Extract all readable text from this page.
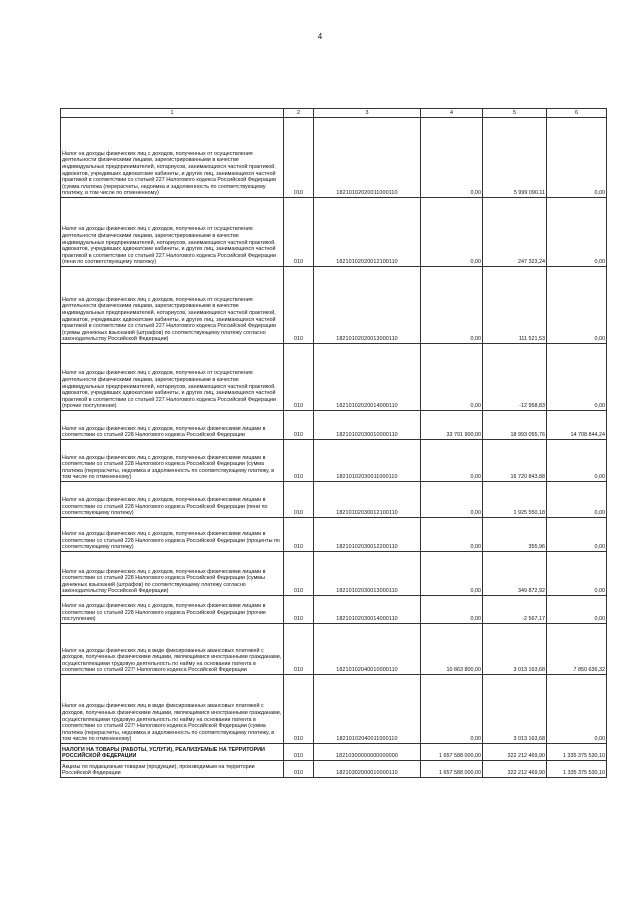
4
1	2	3	4	5	6
Налог на доходы физических лиц с доходов, полученных от осуществления деятельности физическими лицами, зарегистрированными в качестве индивидуальных предпринимателей, нотариусов, занимающихся частной практикой, адвокатов, учредивших адвокатские кабинеты, и других лиц, занимающихся частной практикой в соответствии со статьей 227 Налогового кодекса Российской Федерации (сумма платежа (перерасчеты, недоимка и задолженность по соответствующему платежу, в том числе по отмененному)	010	18210102020011000110	0,00	5 999 090,11	0,00
Налог на доходы физических лиц с доходов, полученных от осуществления деятельности физическими лицами, зарегистрированными в качестве индивидуальных предпринимателей, нотариусов, занимающихся частной практикой, адвокатов, учредивших адвокатские кабинеты, и других лиц, занимающихся частной практикой в соответствии со статьей 227 Налогового кодекса Российской Федерации (пени по соответствующему платежу)	010	18210102020012100110	0,00	247 323,24	0,00
Налог на доходы физических лиц с доходов, полученных от осуществления деятельности физическими лицами, зарегистрированными в качестве индивидуальных предпринимателей, нотариусов, занимающихся частной практикой, адвокатов, учредивших адвокатские кабинеты, и других лиц, занимающихся частной практикой в соответствии со статьей 227 Налогового кодекса Российской Федерации (суммы денежных взысканий (штрафов) по соответствующему платежу согласно законодательству Российской Федерации)	010	18210102020013000110	0,00	111 521,53	0,00
Налог на доходы физических лиц с доходов, полученных от осуществления деятельности физическими лицами, зарегистрированными в качестве индивидуальных предпринимателей, нотариусов, занимающихся частной практикой, адвокатов, учредивших адвокатские кабинеты, и других лиц, занимающихся частной практикой в соответствии со статьей 227 Налогового кодекса Российской Федерации (прочие поступления)	010	18210102020014000110	0,00	-12 958,83	0,00
Налог на доходы физических лиц с доходов, полученных физическими лицами в соответствии со статьей 228 Налогового кодекса Российской Федерации	010	18210102030010000110	33 701 900,00	18 993 055,76	14 708 844,24
Налог на доходы физических лиц с доходов, полученных физическими лицами в соответствии со статьей 228 Налогового кодекса Российской Федерации (сумма платежа (перерасчеты, недоимка и задолженность по соответствующему платежу, в том числе по отмененному)	010	18210102030011000110	0,00	16 720 843,88	0,00
Налог на доходы физических лиц с доходов, полученных физическими лицами в соответствии со статьей 228 Налогового кодекса Российской Федерации (пени по соответствующему платежу)	010	18210102030012100110	0,00	1 925 550,18	0,00
Налог на доходы физических лиц с доходов, полученных физическими лицами в соответствии со статьей 228 Налогового кодекса Российской Федерации (проценты по соответствующему платежу)	010	18210102030012200110	0,00	355,96	0,00
Налог на доходы физических лиц с доходов, полученных физическими лицами в соответствии со статьей 228 Налогового кодекса Российской Федерации (суммы денежных взысканий (штрафов) по соответствующему платежу согласно законодательству Российской Федерации)	010	18210102030013000110	0,00	349 872,92	0,00
Налог на доходы физических лиц с доходов, полученных физическими лицами в соответствии со статьей 228 Налогового кодекса Российской Федерации (прочие поступления)	010	18210102030014000110	0,00	-2 567,17	0,00
Налог на доходы физических лиц в виде фиксированных авансовых платежей с доходов, полученных физическими лицами, являющимися иностранными гражданами, осуществляющими трудовую деятельность по найму на основании патента в соответствии со статьей 227¹ Налогового кодекса Российской Федерации	010	18210102040010000110	10 863 800,00	3 013 163,68	7 850 636,32
Налог на доходы физических лиц в виде фиксированных авансовых платежей с доходов, полученных физическими лицами, являющимися иностранными гражданами, осуществляющими трудовую деятельность по найму на основании патента в соответствии со статьей 227¹ Налогового кодекса Российской Федерации (сумма платежа (перерасчеты, недоимка и задолженность по соответствующему платежу, в том числе по отмененному)	010	18210102040011000110	0,00	3 013 163,68	0,00
НАЛОГИ НА ТОВАРЫ (РАБОТЫ, УСЛУГИ), РЕАЛИЗУЕМЫЕ НА ТЕРРИТОРИИ РОССИЙСКОЙ ФЕДЕРАЦИИ	010	18210300000000000000	1 657 588 000,00	322 212 469,90	1 335 375 530,10
Акцизы по подакцизным товарам (продукции), производимым на территории Российской Федерации	010	18210302000010000110	1 657 588 000,00	322 212 469,90	1 335 375 530,10
